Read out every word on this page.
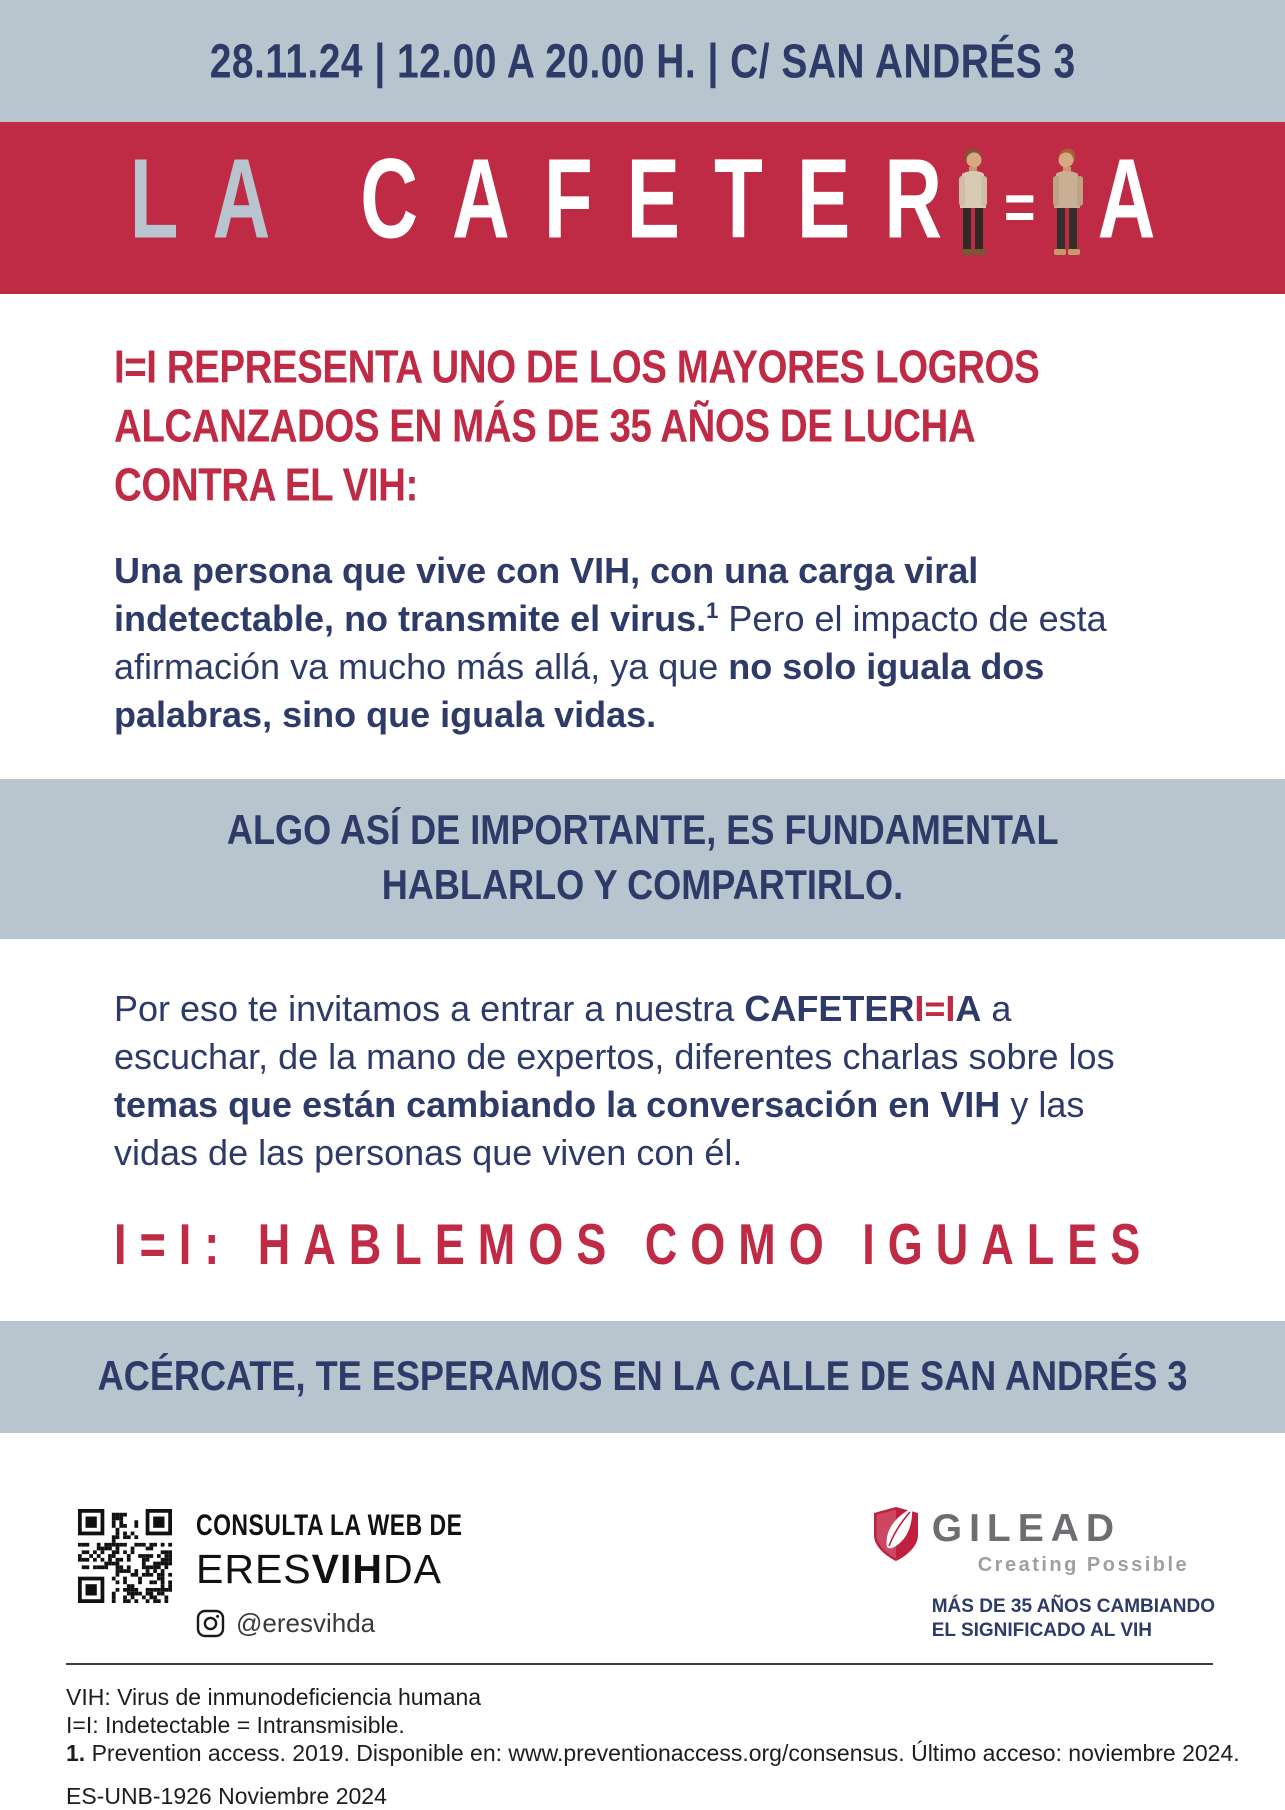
28.11.24 | 12.00 A 20.00 H. | C/ SAN ANDRÉS 3
LA CAFETER = A
I=I REPRESENTA UNO DE LOS MAYORES LOGROS
ALCANZADOS EN MÁS DE 35 AÑOS DE LUCHA
CONTRA EL VIH:

Una persona que vive con VIH, con una carga viral indetectable, no transmite el virus.$^1$ Pero el impacto de esta afirmación va mucho más allá, ya que no solo iguala dos palabras, sino que iguala vidas.

ALGO ASÍ DE IMPORTANTE, ES FUNDAMENTAL
HABLARLO Y COMPARTIRLO.

Por eso te invitamos a entrar a nuestra CAFETERI=IA a escuchar, de la mano de expertos, diferentes charlas sobre los temas que están cambiando la conversación en VIH y las vidas de las personas que viven con él.

I=I: HABLEMOS COMO IGUALES
ACÉRCATE, TE ESPERAMOS EN LA CALLE DE SAN ANDRÉS 3
CONSULTA LA WEB DE
ERESVIHDA
@eresvihda
GILEAD
Creating Possible
MÁS DE 35 AÑOS CAMBIANDO
EL SIGNIFICADO AL VIH
VIH: Virus de inmunodeficiencia humana
I=I: Indetectable = Intransmisible.
1. Prevention access. 2019. Disponible en: www.preventionaccess.org/consensus. Último acceso: noviembre 2024.
ES-UNB-1926 Noviembre 2024
